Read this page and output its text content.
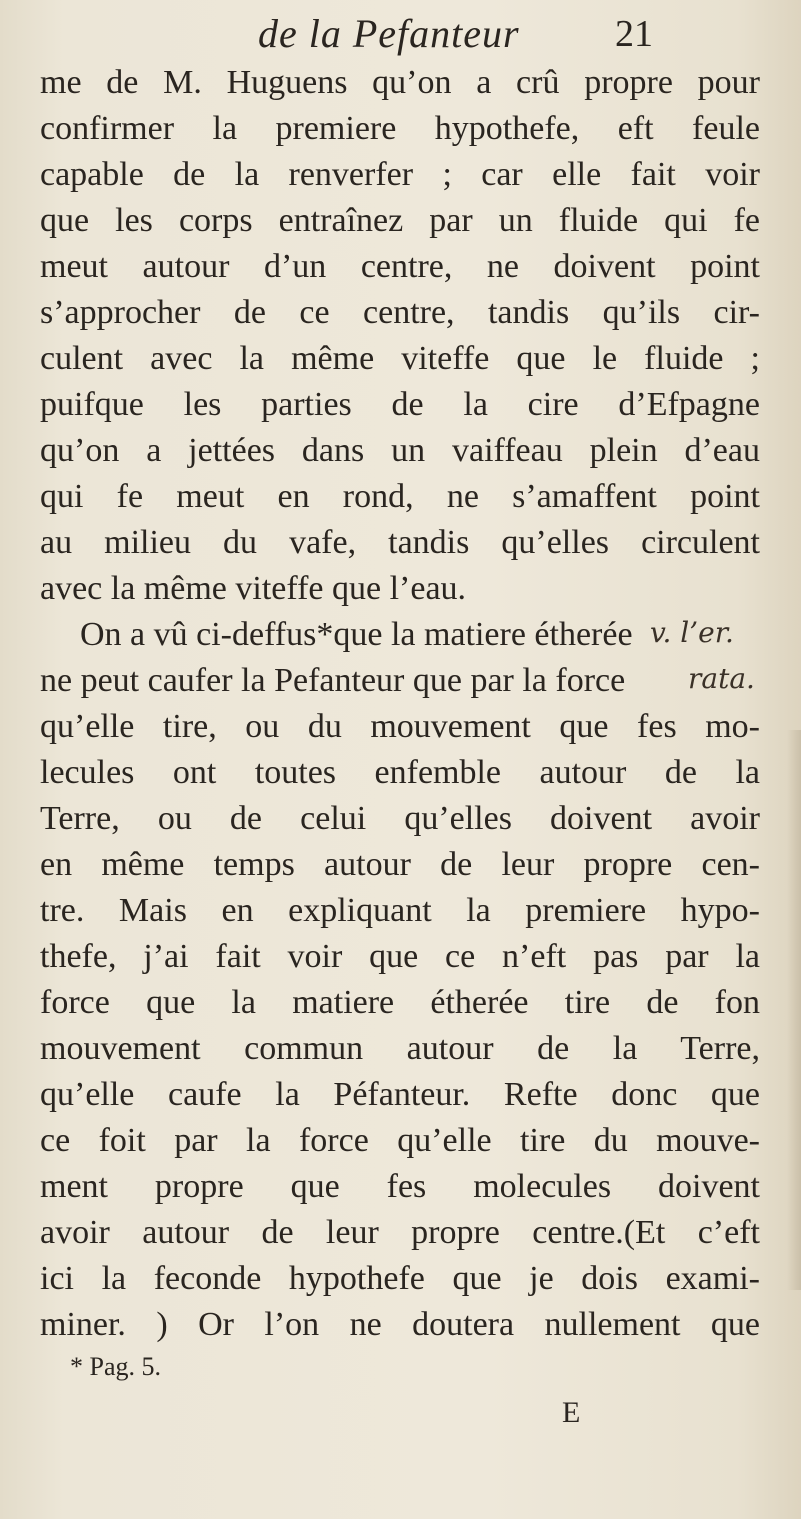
de la Pefanteur	21
me de M. Huguens qu’on a crû propre pour
confirmer la premiere hypothefe, eft feule
capable de la renverfer ; car elle fait voir
que les corps entraînez par un fluide qui fe
meut autour d’un centre, ne doivent point
s’approcher de ce centre, tandis qu’ils cir-
culent avec la même viteffe que le fluide ;
puifque les parties de la cire d’Efpagne
qu’on a jettées dans un vaiffeau plein d’eau
qui fe meut en rond, ne s’amaffent point
au milieu du vafe, tandis qu’elles circulent
avec la même viteffe que l’eau.
On a vû ci-deffus*que la matiere étherée
ne peut caufer la Pefanteur que par la force
qu’elle tire, ou du mouvement que fes mo-
lecules ont toutes enfemble autour de la
Terre, ou de celui qu’elles doivent avoir
en même temps autour de leur propre cen-
tre. Mais en expliquant la premiere hypo-
thefe, j’ai fait voir que ce n’eft pas par la
force que la matiere étherée tire de fon
mouvement commun autour de la Terre,
qu’elle caufe la Péfanteur. Refte donc que
ce foit par la force qu’elle tire du mouve-
ment propre que fes molecules doivent
avoir autour de leur propre centre.(Et c’eft
ici la feconde hypothefe que je dois exami-
miner. ) Or l’on ne doutera nullement que
v. l’er.
rata.
* Pag. 5.
E
